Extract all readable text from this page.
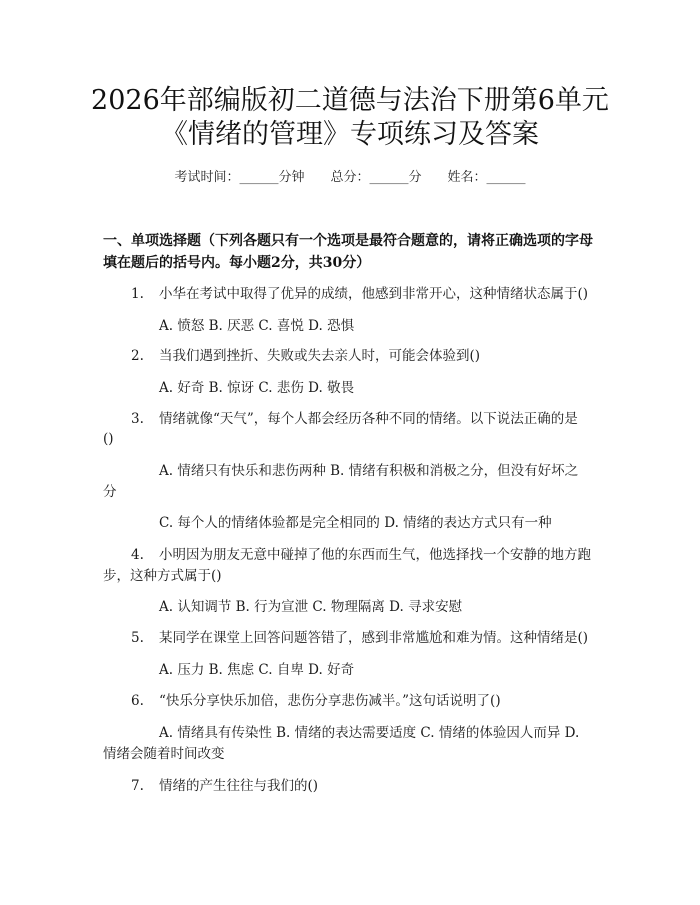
2026年部编版初二道德与法治下册第6单元
《情绪的管理》专项练习及答案
考试时间：______分钟 总分：______分 姓名：______
一、单项选择题（下列各题只有一个选项是最符合题意的，请将正确选项的字母
填在题后的括号内。每小题2分，共30分）
1. 小华在考试中取得了优异的成绩，他感到非常开心，这种情绪状态属于()
A. 愤怒 B. 厌恶 C. 喜悦 D. 恐惧
2. 当我们遇到挫折、失败或失去亲人时，可能会体验到()
A. 好奇 B. 惊讶 C. 悲伤 D. 敬畏
3. 情绪就像“天气”，每个人都会经历各种不同的情绪。以下说法正确的是
()
A. 情绪只有快乐和悲伤两种 B. 情绪有积极和消极之分，但没有好坏之
分
C. 每个人的情绪体验都是完全相同的 D. 情绪的表达方式只有一种
4. 小明因为朋友无意中碰掉了他的东西而生气，他选择找一个安静的地方跑
步，这种方式属于()
A. 认知调节 B. 行为宣泄 C. 物理隔离 D. 寻求安慰
5. 某同学在课堂上回答问题答错了，感到非常尴尬和难为情。这种情绪是()
A. 压力 B. 焦虑 C. 自卑 D. 好奇
6. “快乐分享快乐加倍，悲伤分享悲伤减半。”这句话说明了()
A. 情绪具有传染性 B. 情绪的表达需要适度 C. 情绪的体验因人而异 D.
情绪会随着时间改变
7. 情绪的产生往往与我们的()
